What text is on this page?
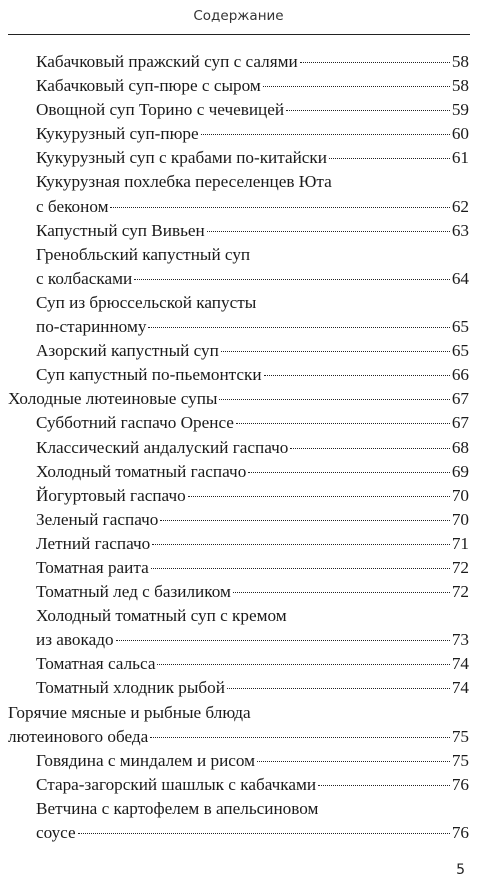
Содержание
Кабачковый пражский суп с салями	58
Кабачковый суп-пюре с сыром	58
Овощной суп Торино с чечевицей	59
Кукурузный суп-пюре	60
Кукурузный суп с крабами по-китайски	61
Кукурузная похлебка переселенцев Юта
с беконом	62
Капустный суп Вивьен	63
Гренобльский капустный суп
с колбасками	64
Суп из брюссельской капусты
по-старинному	65
Азорский капустный суп	65
Суп капустный по-пьемонтски	66
Холодные лютеиновые супы	67
Субботний гаспачо Оренсе	67
Классический андалуский гаспачо	68
Холодный томатный гаспачо	69
Йогуртовый гаспачо	70
Зеленый гаспачо	70
Летний гаспачо	71
Томатная раита	72
Томатный лед с базиликом	72
Холодный томатный суп с кремом
из авокадо	73
Томатная сальса	74
Томатный хлодник рыбой	74
Горячие мясные и рыбные блюда
лютеинового обеда	75
Говядина с миндалем и рисом	75
Стара-загорский шашлык с кабачками	76
Ветчина с картофелем в апельсиновом
соусе	76
5
